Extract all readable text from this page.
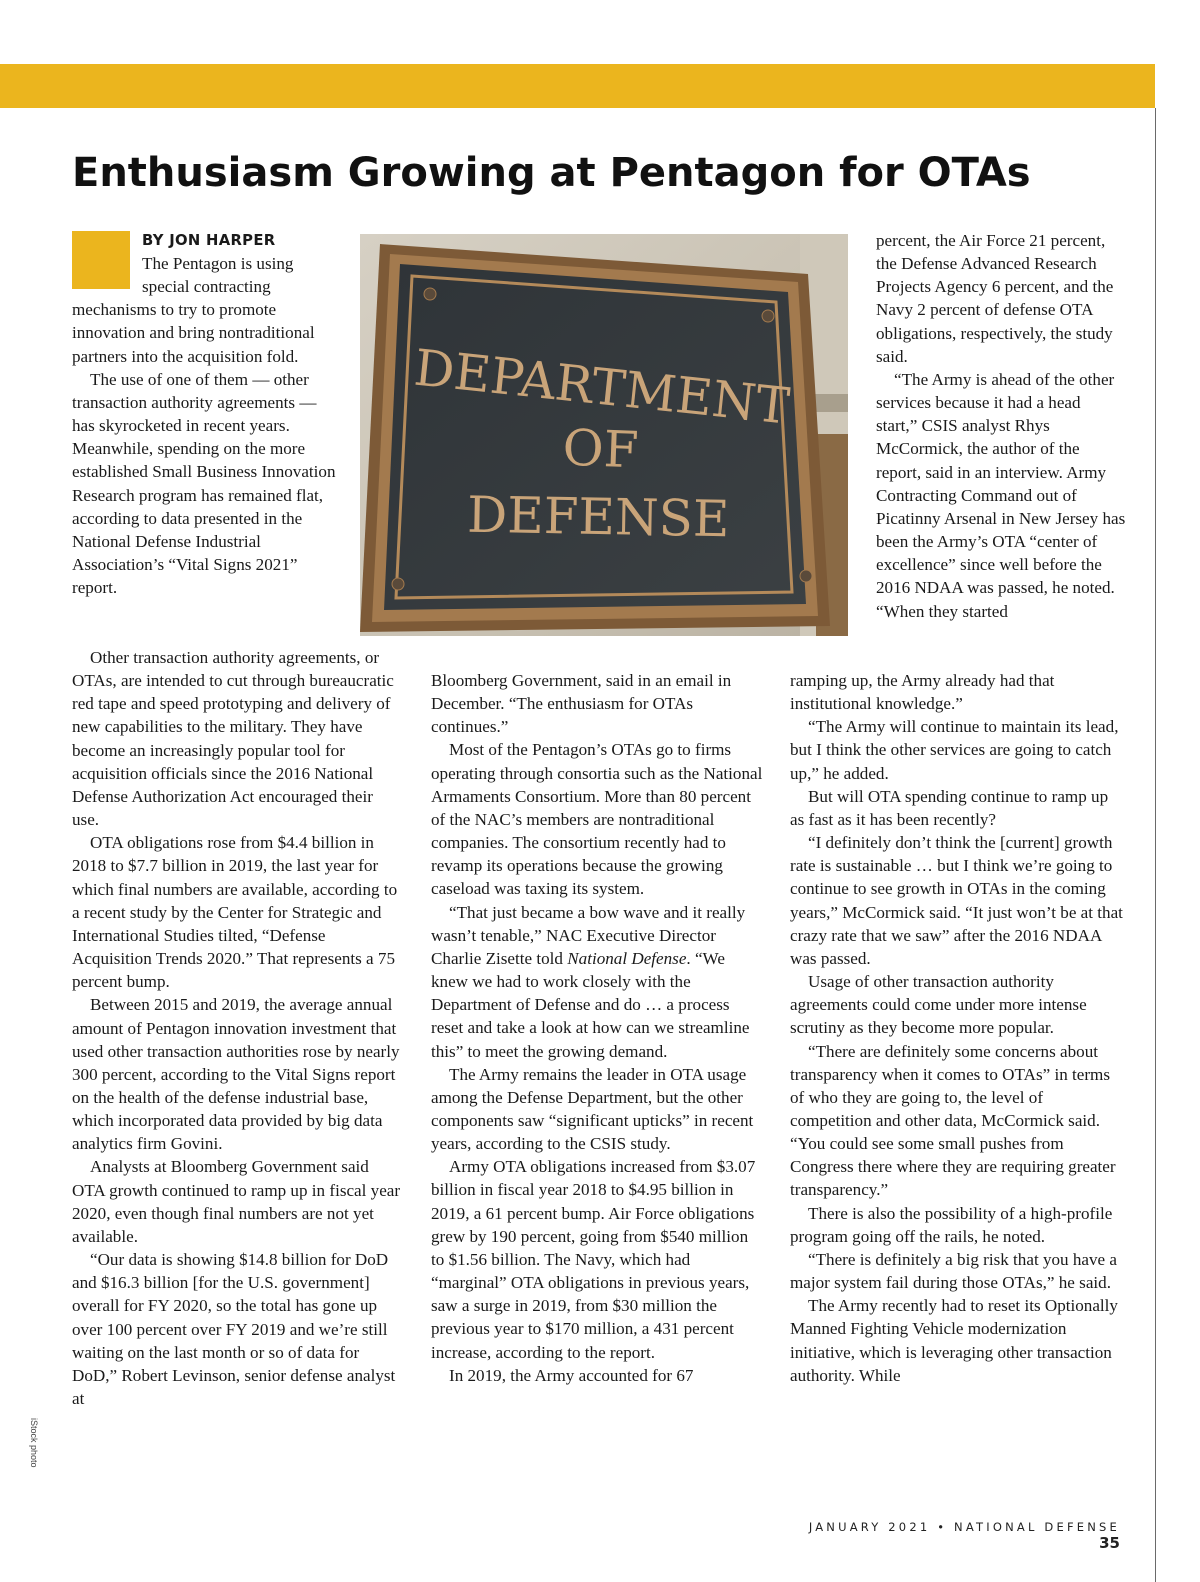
Enthusiasm Growing at Pentagon for OTAs
BY JON HARPER

The Pentagon is using special contracting mechanisms to try to promote innovation and bring nontraditional partners into the acquisition fold.

The use of one of them — other transaction authority agreements — has skyrocketed in recent years. Meanwhile, spending on the more established Small Business Innovation Research program has remained flat, according to data presented in the National Defense Industrial Association’s “Vital Signs 2021” report.

DEPARTMENT
OF
DEFENSE

percent, the Air Force 21 percent, the Defense Advanced Research Projects Agency 6 percent, and the Navy 2 percent of defense OTA obligations, respectively, the study said.

“The Army is ahead of the other services because it had a head start,” CSIS analyst Rhys McCormick, the author of the report, said in an interview. Army Contracting Command out of Picatinny Arsenal in New Jersey has been the Army’s OTA “center of excellence” since well before the 2016 NDAA was passed, he noted. “When they started

Other transaction authority agreements, or OTAs, are intended to cut through bureaucratic red tape and speed prototyping and delivery of new capabilities to the military. They have become an increasingly popular tool for acquisition officials since the 2016 National Defense Authorization Act encouraged their use.

OTA obligations rose from $4.4 billion in 2018 to $7.7 billion in 2019, the last year for which final numbers are available, according to a recent study by the Center for Strategic and International Studies tilted, “Defense Acquisition Trends 2020.” That represents a 75 percent bump.

Between 2015 and 2019, the average annual amount of Pentagon innovation investment that used other transaction authorities rose by nearly 300 percent, according to the Vital Signs report on the health of the defense industrial base, which incorporated data provided by big data analytics firm Govini.

Analysts at Bloomberg Government said OTA growth continued to ramp up in fiscal year 2020, even though final numbers are not yet available.

“Our data is showing $14.8 billion for DoD and $16.3 billion [for the U.S. government] overall for FY 2020, so the total has gone up over 100 percent over FY 2019 and we’re still waiting on the last month or so of data for DoD,” Robert Levinson, senior defense analyst at

Bloomberg Government, said in an email in December. “The enthusiasm for OTAs continues.”

Most of the Pentagon’s OTAs go to firms operating through consortia such as the National Armaments Consortium. More than 80 percent of the NAC’s members are nontraditional companies. The consortium recently had to revamp its operations because the growing caseload was taxing its system.

“That just became a bow wave and it really wasn’t tenable,” NAC Executive Director Charlie Zisette told National Defense. “We knew we had to work closely with the Department of Defense and do … a process reset and take a look at how can we streamline this” to meet the growing demand.

The Army remains the leader in OTA usage among the Defense Department, but the other components saw “significant upticks” in recent years, according to the CSIS study.

Army OTA obligations increased from $3.07 billion in fiscal year 2018 to $4.95 billion in 2019, a 61 percent bump. Air Force obligations grew by 190 percent, going from $540 million to $1.56 billion. The Navy, which had “marginal” OTA obligations in previous years, saw a surge in 2019, from $30 million the previous year to $170 million, a 431 percent increase, according to the report.

In 2019, the Army accounted for 67

ramping up, the Army already had that institutional knowledge.”

“The Army will continue to maintain its lead, but I think the other services are going to catch up,” he added.

But will OTA spending continue to ramp up as fast as it has been recently?

“I definitely don’t think the [current] growth rate is sustainable … but I think we’re going to continue to see growth in OTAs in the coming years,” McCormick said. “It just won’t be at that crazy rate that we saw” after the 2016 NDAA was passed.

Usage of other transaction authority agreements could come under more intense scrutiny as they become more popular.

“There are definitely some concerns about transparency when it comes to OTAs” in terms of who they are going to, the level of competition and other data, McCormick said. “You could see some small pushes from Congress there where they are requiring greater transparency.”

There is also the possibility of a high-profile program going off the rails, he noted.

“There is definitely a big risk that you have a major system fail during those OTAs,” he said.

The Army recently had to reset its Optionally Manned Fighting Vehicle modernization initiative, which is leveraging other transaction authority. While

iStock photo
JANUARY 2021 • NATIONAL DEFENSE 35
